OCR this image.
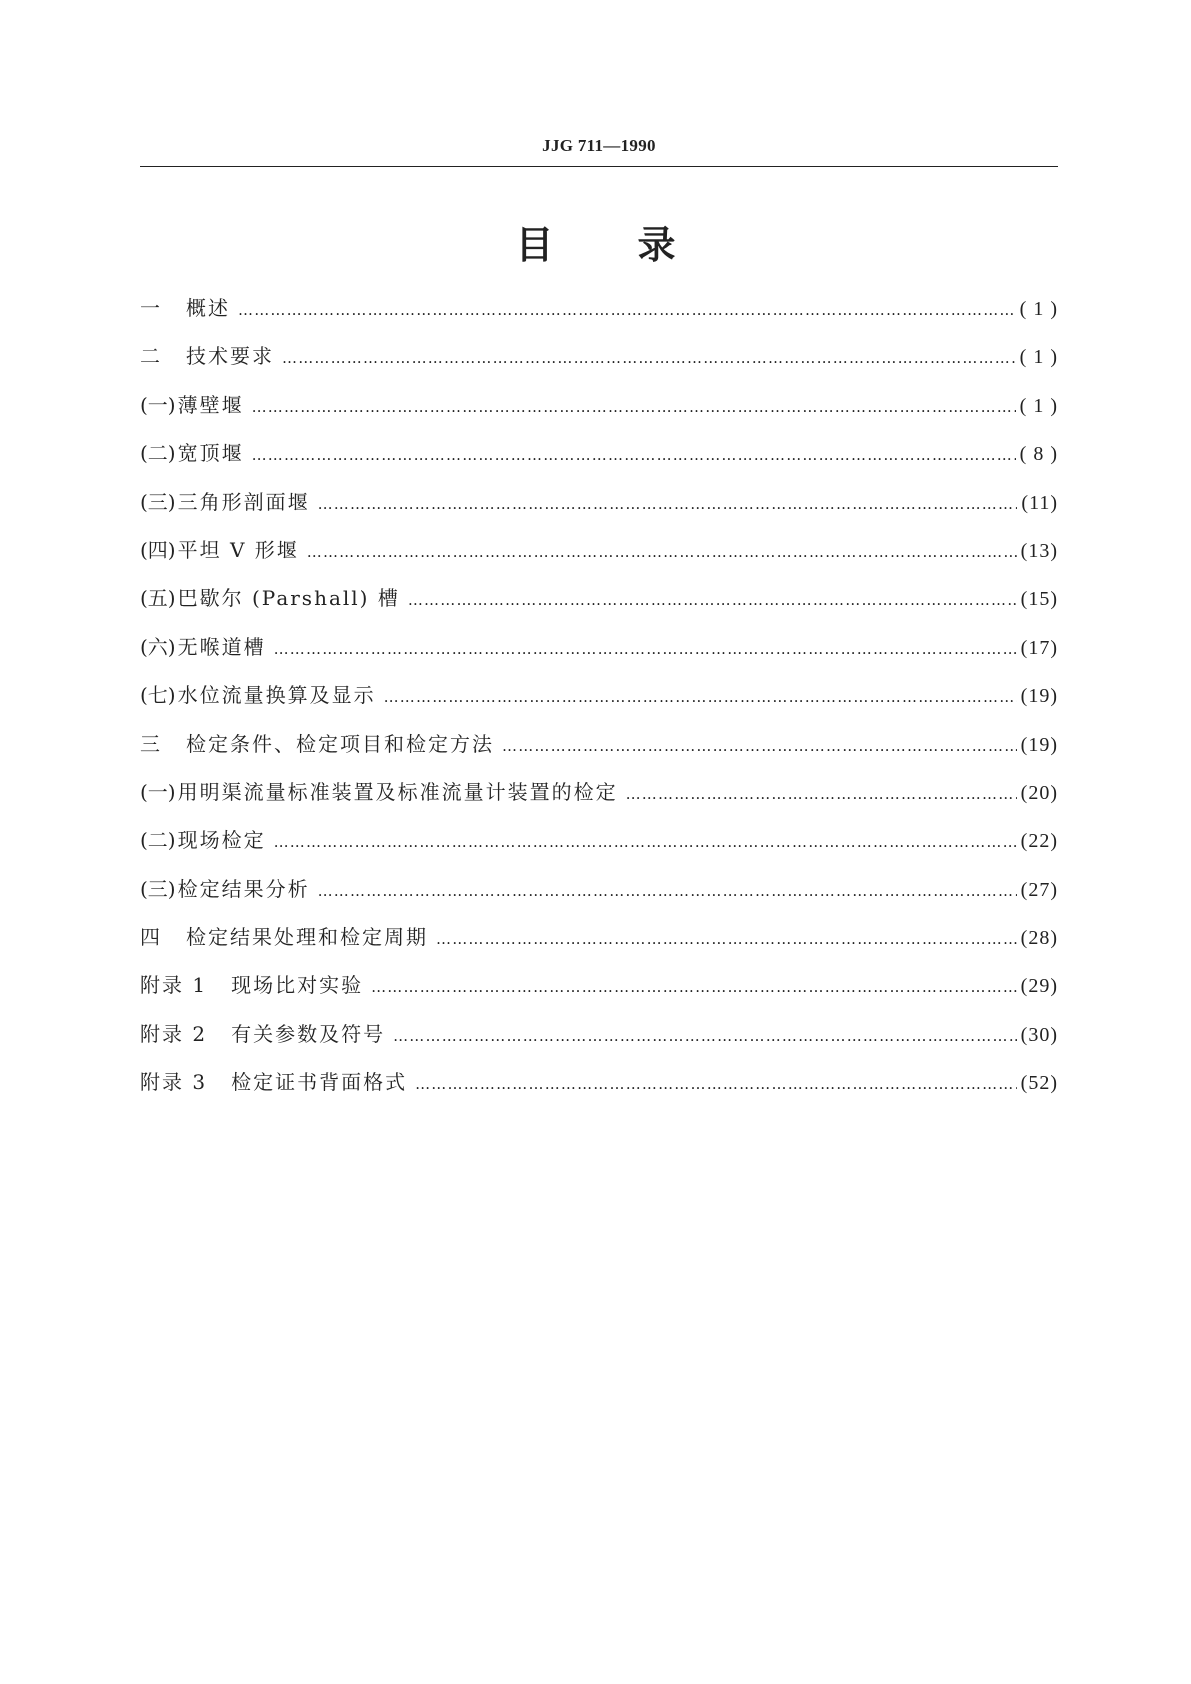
JJG 711—1990
目 录
一 概述 ……………………………………………………………………………………………………………………………………………………………………………………	( 1 )
二 技术要求 ……………………………………………………………………………………………………………………………………………………………………………………	( 1 )
(一) 薄壁堰 ……………………………………………………………………………………………………………………………………………………………………………………	( 1 )
(二) 宽顶堰 ……………………………………………………………………………………………………………………………………………………………………………………	( 8 )
(三) 三角形剖面堰 ……………………………………………………………………………………………………………………………………………………………………………………	(11)
(四) 平坦 V 形堰 ……………………………………………………………………………………………………………………………………………………………………………………	(13)
(五) 巴歇尔 (Parshall) 槽 ……………………………………………………………………………………………………………………………………………………………………………………	(15)
(六) 无喉道槽 ……………………………………………………………………………………………………………………………………………………………………………………	(17)
(七) 水位流量换算及显示 ……………………………………………………………………………………………………………………………………………………………………………………	(19)
三 检定条件、检定项目和检定方法 ……………………………………………………………………………………………………………………………………………………………………………………	(19)
(一) 用明渠流量标准装置及标准流量计装置的检定 ……………………………………………………………………………………………………………………………………………………………………………………	(20)
(二) 现场检定 ……………………………………………………………………………………………………………………………………………………………………………………	(22)
(三) 检定结果分析 ……………………………………………………………………………………………………………………………………………………………………………………	(27)
四 检定结果处理和检定周期 ……………………………………………………………………………………………………………………………………………………………………………………	(28)
附录 1 现场比对实验 ……………………………………………………………………………………………………………………………………………………………………………………	(29)
附录 2 有关参数及符号 ……………………………………………………………………………………………………………………………………………………………………………………	(30)
附录 3 检定证书背面格式 ……………………………………………………………………………………………………………………………………………………………………………………	(52)
